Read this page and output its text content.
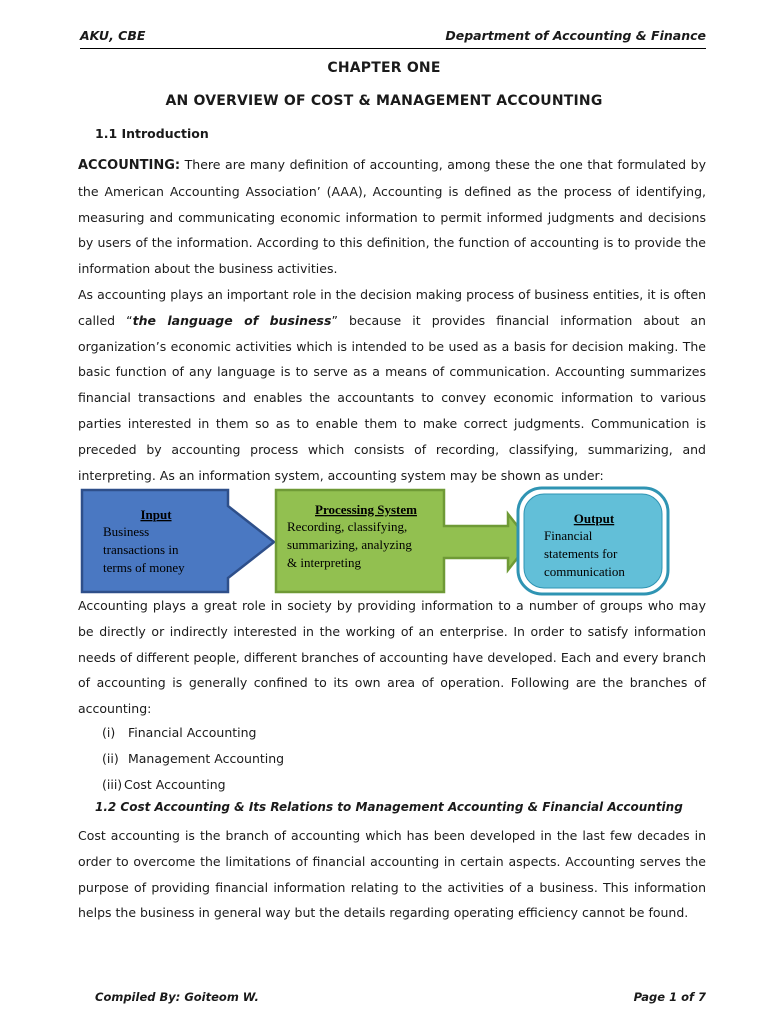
AKU, CBE	Department of Accounting & Finance
CHAPTER ONE
AN OVERVIEW OF COST & MANAGEMENT ACCOUNTING
1.1 Introduction

ACCOUNTING: There are many definition of accounting, among these the one that formulated by the American Accounting Association’ (AAA), Accounting is defined as the process of identifying, measuring and communicating economic information to permit informed judgments and decisions by users of the information. According to this definition, the function of accounting is to provide the information about the business activities.

As accounting plays an important role in the decision making process of business entities, it is often called “the language of business” because it provides financial information about an organization’s economic activities which is intended to be used as a basis for decision making. The basic function of any language is to serve as a means of communication. Accounting summarizes financial transactions and enables the accountants to convey economic information to various parties interested in them so as to enable them to make correct judgments. Communication is preceded by accounting process which consists of recording, classifying, summarizing, and interpreting. As an information system, accounting system may be shown as under:

Input
Business
transactions in
terms of money
Processing System
Recording, classifying,
summarizing, analyzing
& interpreting
Output
Financial
statements for
communication

Accounting plays a great role in society by providing information to a number of groups who may be directly or indirectly interested in the working of an enterprise. In order to satisfy information needs of different people, different branches of accounting have developed. Each and every branch of accounting is generally confined to its own area of operation. Following are the branches of accounting:

(i) Financial Accounting
(ii) Management Accounting
(iii) Cost Accounting
1.2 Cost Accounting & Its Relations to Management Accounting & Financial Accounting

Cost accounting is the branch of accounting which has been developed in the last few decades in order to overcome the limitations of financial accounting in certain aspects. Accounting serves the purpose of providing financial information relating to the activities of a business. This information helps the business in general way but the details regarding operating efficiency cannot be found.

Compiled By: Goiteom W.	Page 1 of 7
